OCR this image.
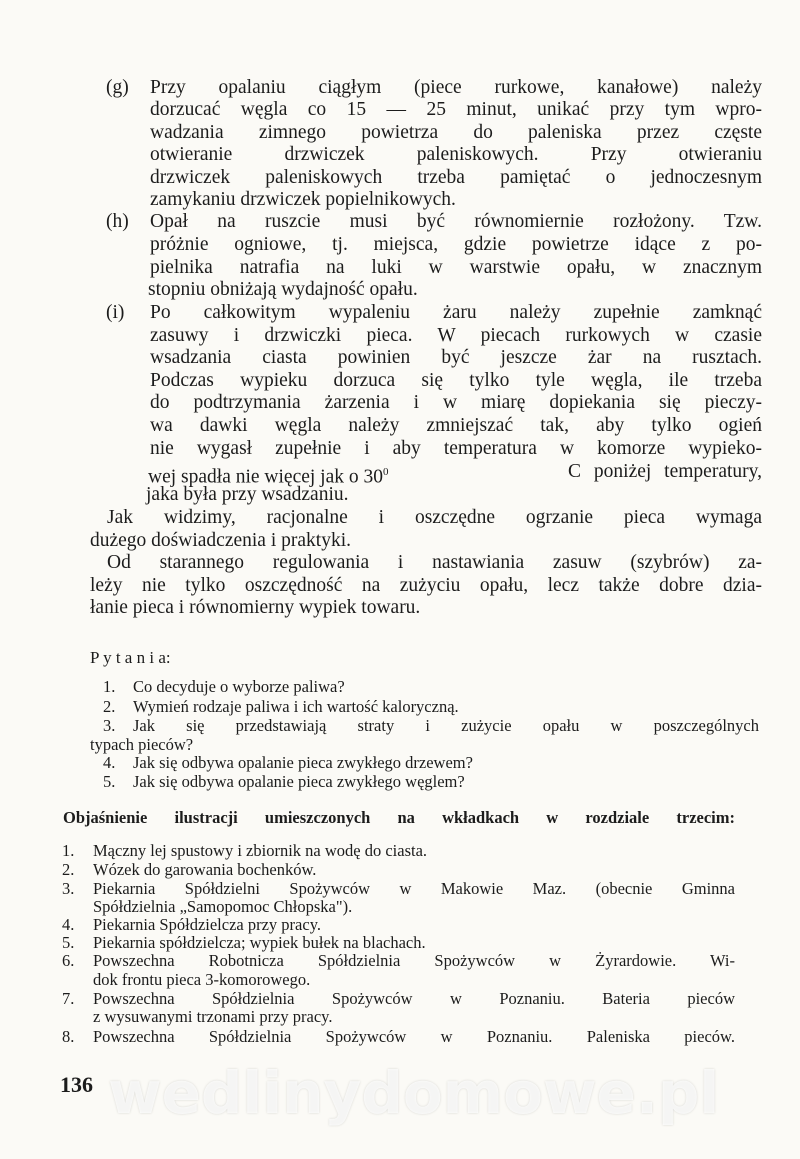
wedlinydomowe.pl
(g) Przy opalaniu ciągłym (piece rurkowe, kanałowe) należy
dorzucać węgla co 15 — 25 minut, unikać przy tym wpro-
wadzania zimnego powietrza do paleniska przez częste
otwieranie drzwiczek paleniskowych. Przy otwieraniu
drzwiczek paleniskowych trzeba pamiętać o jednoczesnym
zamykaniu drzwiczek popielnikowych.
(h) Opał na ruszcie musi być równomiernie rozłożony. Tzw.
próżnie ogniowe, tj. miejsca, gdzie powietrze idące z po-
pielnika natrafia na luki w warstwie opału, w znacznym
stopniu obniżają wydajność opału.
(i) Po całkowitym wypaleniu żaru należy zupełnie zamknąć
zasuwy i drzwiczki pieca. W piecach rurkowych w czasie
wsadzania ciasta powinien być jeszcze żar na rusztach.
Podczas wypieku dorzuca się tylko tyle węgla, ile trzeba
do podtrzymania żarzenia i w miarę dopiekania się pieczy-
wa dawki węgla należy zmniejszać tak, aby tylko ogień
nie wygasł zupełnie i aby temperatura w komorze wypieko-
wej spadła nie więcej jak o $30^0$	C poniżej temperatury,
jaka była przy wsadzaniu.
Jak widzimy, racjonalne i oszczędne ogrzanie pieca wymaga
dużego doświadczenia i praktyki.
Od starannego regulowania i nastawiania zasuw (szybrów) za-
leży nie tylko oszczędność na zużyciu opału, lecz także dobre dzia-
łanie pieca i równomierny wypiek towaru.
P y t a n i a:
1. Co decyduje o wyborze paliwa?
2. Wymień rodzaje paliwa i ich wartość kaloryczną.
3. Jak się przedstawiają straty i zużycie opału w poszczególnych
typach pieców?
4. Jak się odbywa opalanie pieca zwykłego drzewem?
5. Jak się odbywa opalanie pieca zwykłego węglem?
Objaśnienie ilustracji umieszczonych na wkładkach w rozdziale trzecim:
1. Mączny lej spustowy i zbiornik na wodę do ciasta.
2. Wózek do garowania bochenków.
3. Piekarnia Spółdzielni Spożywców w Makowie Maz. (obecnie Gminna
Spółdzielnia „Samopomoc Chłopska").
4. Piekarnia Spółdzielcza przy pracy.
5. Piekarnia spółdzielcza; wypiek bułek na blachach.
6. Powszechna Robotnicza Spółdzielnia Spożywców w Żyrardowie. Wi-
dok frontu pieca 3-komorowego.
7. Powszechna Spółdzielnia Spożywców w Poznaniu. Bateria pieców
z wysuwanymi trzonami przy pracy.
8. Powszechna Spółdzielnia Spożywców w Poznaniu. Paleniska pieców.
136
